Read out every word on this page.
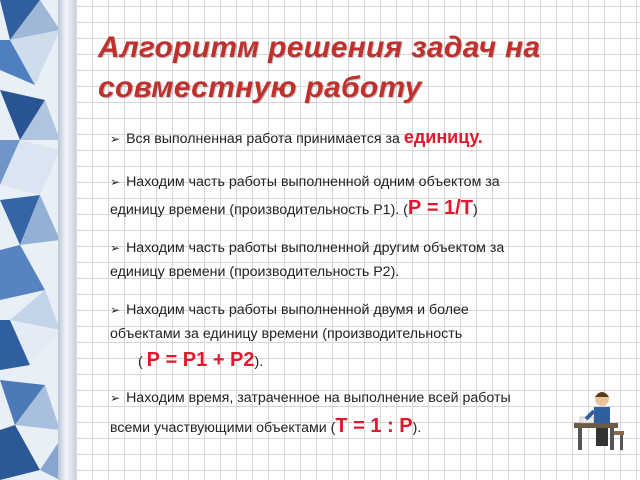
Алгоритм решения задач на
совместную работу
➢ Вся выполненная работа принимается за единицу.
➢ Находим часть работы выполненной одним объектом за
единицу времени (производительность Р1). (Р = 1/Т)
➢ Находим часть работы выполненной другим объектом за
единицу времени (производительность Р2).
➢ Находим часть работы выполненной двумя и более
объектами за единицу времени (производительность
( Р = Р1 + Р2).
➢ Находим время, затраченное на выполнение всей работы
всеми участвующими объектами (Т = 1 : Р).
